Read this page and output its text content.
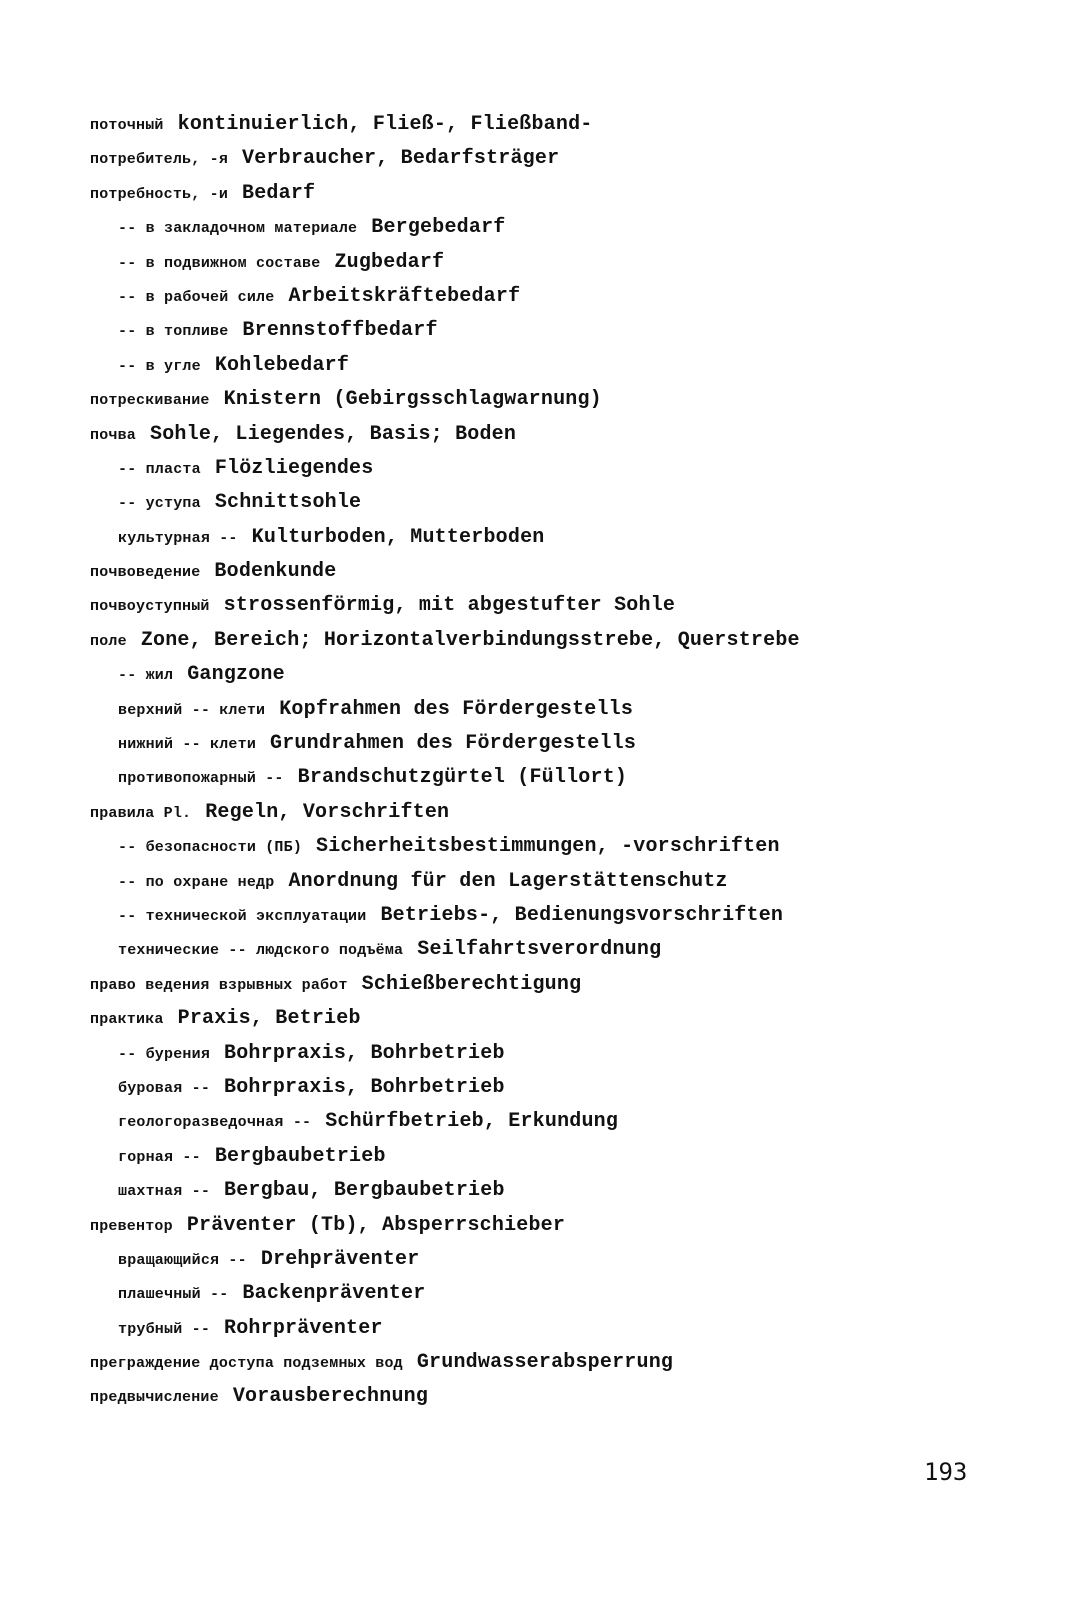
поточный kontinuierlich, Fließ-, Fließband-
потребитель, -я Verbraucher, Bedarfsträger
потребность, -и Bedarf
-- в закладочном материале Bergebedarf
-- в подвижном составе Zugbedarf
-- в рабочей силе Arbeitskräftebedarf
-- в топливе Brennstoffbedarf
-- в угле Kohlebedarf
потрескивание Knistern (Gebirgsschlagwarnung)
почва Sohle, Liegendes, Basis; Boden
-- пласта Flözliegendes
-- уступа Schnittsohle
культурная -- Kulturboden, Mutterboden
почвоведение Bodenkunde
почвоуступный strossenförmig, mit abgestufter Sohle
поле Zone, Bereich; Horizontalverbindungsstrebe, Querstrebe
-- жил Gangzone
верхний -- клети Kopfrahmen des Fördergestells
нижний -- клети Grundrahmen des Fördergestells
противопожарный -- Brandschutzgürtel (Füllort)
правила Pl. Regeln, Vorschriften
-- безопасности (ПБ) Sicherheitsbestimmungen, -vorschriften
-- по охране недр Anordnung für den Lagerstättenschutz
-- технической эксплуатации Betriebs-, Bedienungsvorschriften
технические -- людского подъёма Seilfahrtsverordnung
право ведения взрывных работ Schießberechtigung
практика Praxis, Betrieb
-- бурения Bohrpraxis, Bohrbetrieb
буровая -- Bohrpraxis, Bohrbetrieb
геологоразведочная -- Schürfbetrieb, Erkundung
горная -- Bergbaubetrieb
шахтная -- Bergbau, Bergbaubetrieb
превентор Präventer (Tb), Absperrschieber
вращающийся -- Drehpräventer
плашечный -- Backenpräventer
трубный -- Rohrpräventer
преграждение доступа подземных вод Grundwasserabsperrung
предвычисление Vorausberechnung
193
